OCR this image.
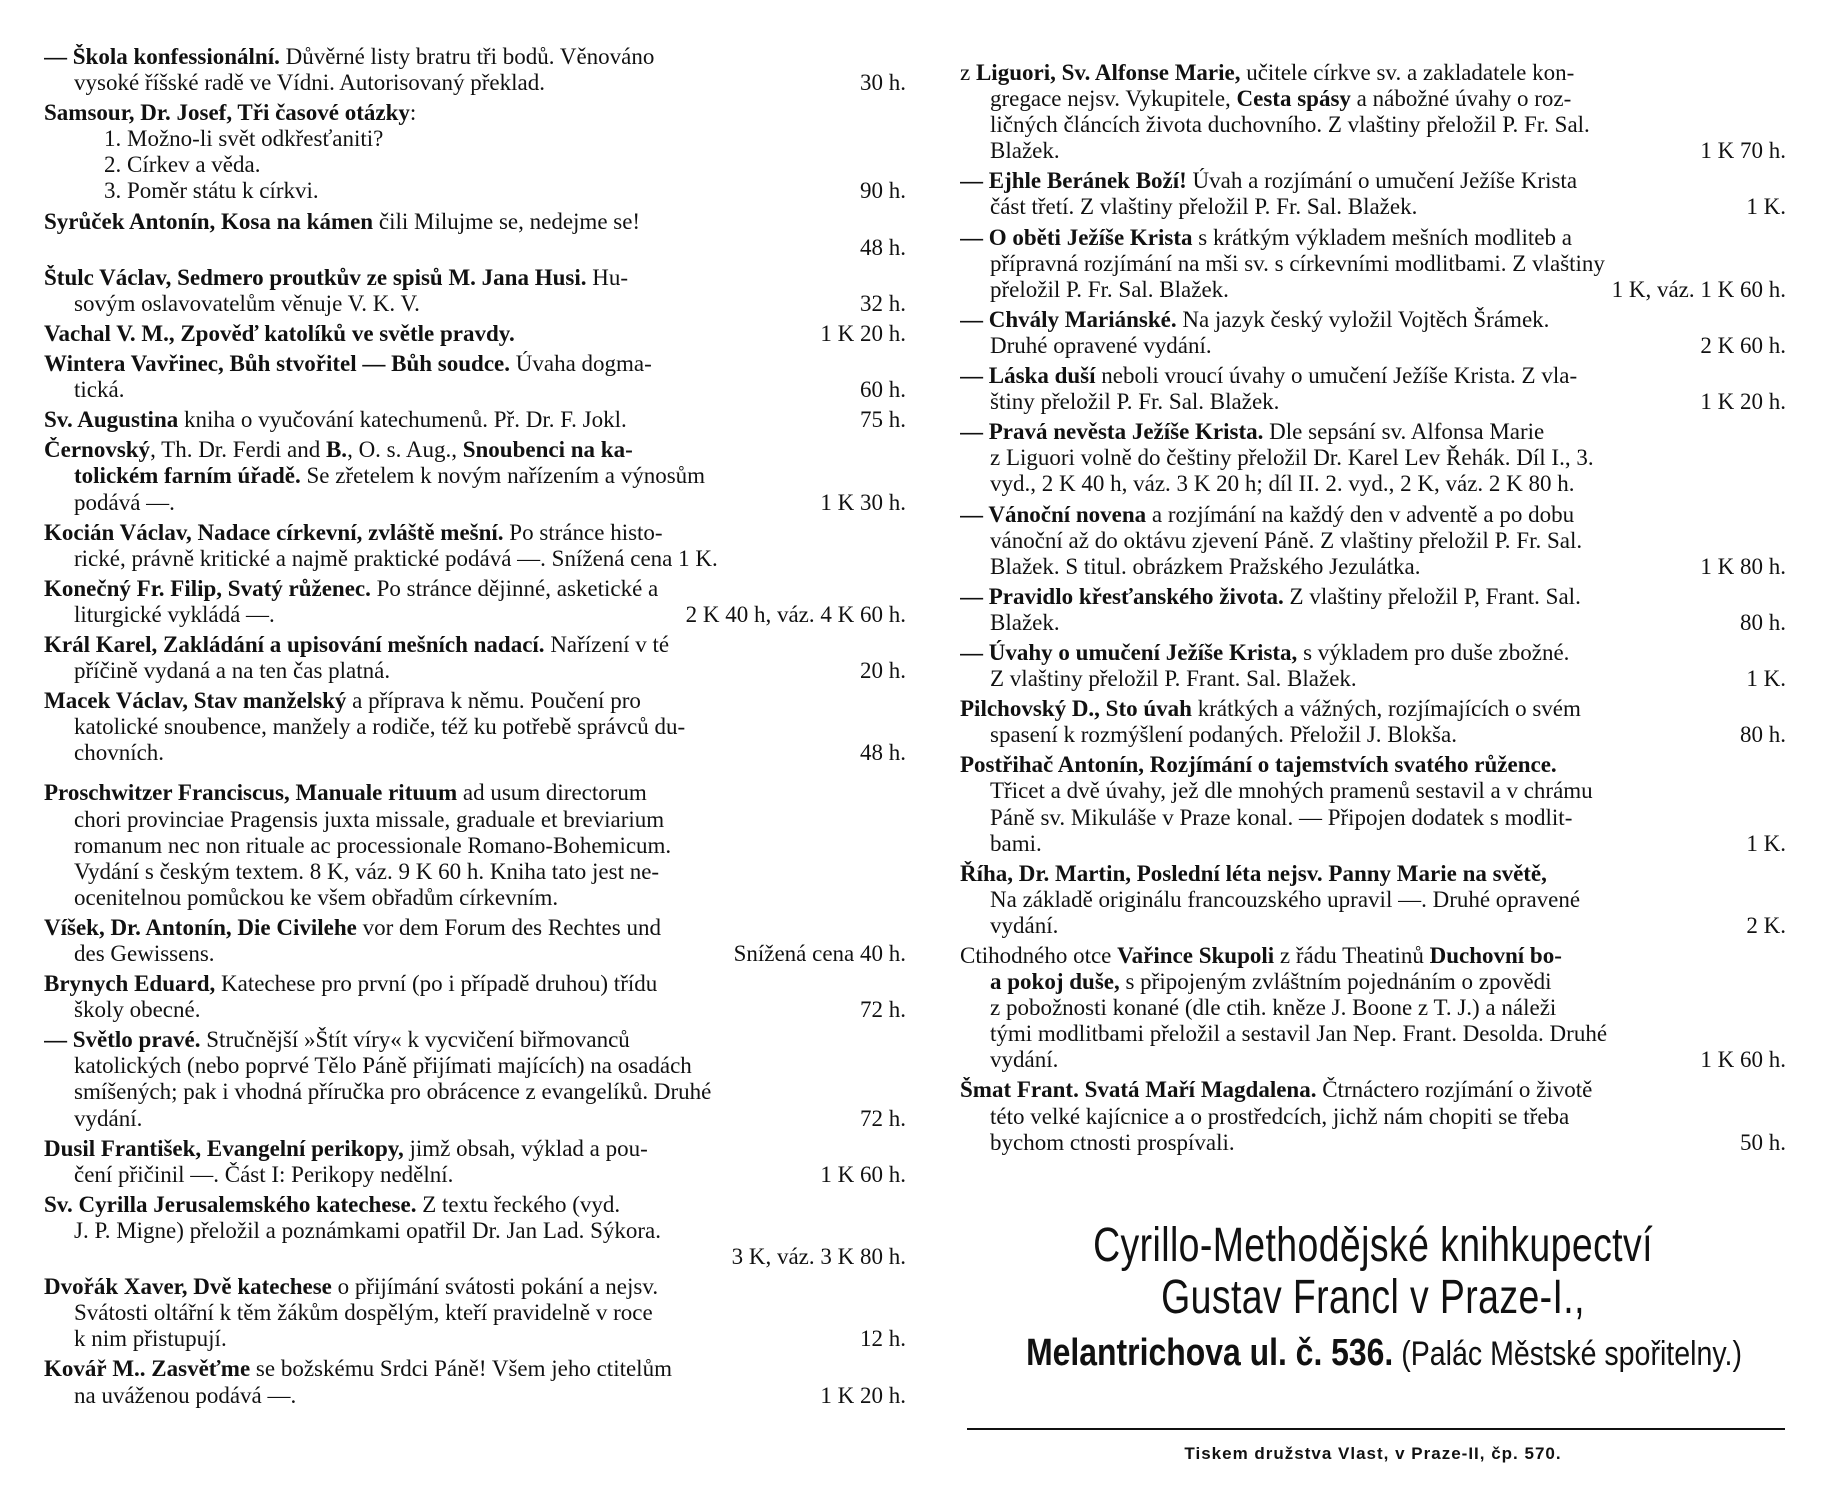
— Škola konfessionální. Důvěrné listy bratru tři bodů. Věnováno
vysoké říšské radě ve Vídni. Autorisovaný překlad.	30 h.
Samsour, Dr. Josef, Tři časové otázky:
1. Možno-li svět odkřesťaniti?
2. Církev a věda.
3. Poměr státu k církvi.	90 h.
Syrůček Antonín, Kosa na kámen čili Milujme se, nedejme se!
48 h.
Štulc Václav, Sedmero proutkův ze spisů M. Jana Husi. Hu-
sovým oslavovatelům věnuje V. K. V.	32 h.
Vachal V. M., Zpověď katolíků ve světle pravdy.	1 K 20 h.
Wintera Vavřinec, Bůh stvořitel — Bůh soudce. Úvaha dogma-
tická.	60 h.
Sv. Augustina kniha o vyučování katechumenů. Př. Dr. F. Jokl.	75 h.
Černovský, Th. Dr. Ferdi and B., O. s. Aug., Snoubenci na ka-
tolickém farním úřadě. Se zřetelem k novým nařízením a výnosům
podává —.	1 K 30 h.
Kocián Václav, Nadace církevní, zvláště mešní. Po stránce histo-
rické, právně kritické a najmě praktické podává —. Snížená cena 1 K.
Konečný Fr. Filip, Svatý růženec. Po stránce dějinné, asketické a
liturgické vykládá —.	2 K 40 h, váz. 4 K 60 h.
Král Karel, Zakládání a upisování mešních nadací. Nařízení v té
příčině vydaná a na ten čas platná.	20 h.
Macek Václav, Stav manželský a příprava k němu. Poučení pro
katolické snoubence, manžely a rodiče, též ku potřebě správců du-
chovních.	48 h.
Proschwitzer Franciscus, Manuale rituum ad usum directorum
chori provinciae Pragensis juxta missale, graduale et breviarium
romanum nec non rituale ac processionale Romano-Bohemicum.
Vydání s českým textem. 8 K, váz. 9 K 60 h. Kniha tato jest ne-
ocenitelnou pomůckou ke všem obřadům církevním.
Víšek, Dr. Antonín, Die Civilehe vor dem Forum des Rechtes und
des Gewissens.	Snížená cena 40 h.
Brynych Eduard, Katechese pro první (po i případě druhou) třídu
školy obecné.	72 h.
— Světlo pravé. Stručnější »Štít víry« k vycvičení biřmovanců
katolických (nebo poprvé Tělo Páně přijímati majících) na osadách
smíšených; pak i vhodná příručka pro obrácence z evangelíků. Druhé
vydání.	72 h.
Dusil František, Evangelní perikopy, jimž obsah, výklad a pou-
čení přičinil —. Část I: Perikopy nedělní.	1 K 60 h.
Sv. Cyrilla Jerusalemského katechese. Z textu řeckého (vyd.
J. P. Migne) přeložil a poznámkami opatřil Dr. Jan Lad. Sýkora.
3 K, váz. 3 K 80 h.
Dvořák Xaver, Dvě katechese o přijímání svátosti pokání a nejsv.
Svátosti oltářní k těm žákům dospělým, kteří pravidelně v roce
k nim přistupují.	12 h.
Kovář M.. Zasvěťme se božskému Srdci Páně! Všem jeho ctitelům
na uváženou podává —.	1 K 20 h.
z Liguori, Sv. Alfonse Marie, učitele církve sv. a zakladatele kon-
gregace nejsv. Vykupitele, Cesta spásy a nábožné úvahy o roz-
ličných článcích života duchovního. Z vlaštiny přeložil P. Fr. Sal.
Blažek.	1 K 70 h.
— Ejhle Beránek Boží! Úvah a rozjímání o umučení Ježíše Krista
část třetí. Z vlaštiny přeložil P. Fr. Sal. Blažek.	1 K.
— O oběti Ježíše Krista s krátkým výkladem mešních modliteb a
přípravná rozjímání na mši sv. s církevními modlitbami. Z vlaštiny
přeložil P. Fr. Sal. Blažek.	1 K, váz. 1 K 60 h.
— Chvály Mariánské. Na jazyk český vyložil Vojtěch Šrámek.
Druhé opravené vydání.	2 K 60 h.
— Láska duší neboli vroucí úvahy o umučení Ježíše Krista. Z vla-
štiny přeložil P. Fr. Sal. Blažek.	1 K 20 h.
— Pravá nevěsta Ježíše Krista. Dle sepsání sv. Alfonsa Marie
z Liguori volně do češtiny přeložil Dr. Karel Lev Řehák. Díl I., 3.
vyd., 2 K 40 h, váz. 3 K 20 h; díl II. 2. vyd., 2 K, váz. 2 K 80 h.
— Vánoční novena a rozjímání na každý den v adventě a po dobu
vánoční až do oktávu zjevení Páně. Z vlaštiny přeložil P. Fr. Sal.
Blažek. S titul. obrázkem Pražského Jezulátka.	1 K 80 h.
— Pravidlo křesťanského života. Z vlaštiny přeložil P, Frant. Sal.
Blažek.	80 h.
— Úvahy o umučení Ježíše Krista, s výkladem pro duše zbožné.
Z vlaštiny přeložil P. Frant. Sal. Blažek.	1 K.
Pilchovský D., Sto úvah krátkých a vážných, rozjímajících o svém
spasení k rozmýšlení podaných. Přeložil J. Blokša.	80 h.
Postřihač Antonín, Rozjímání o tajemstvích svatého růžence.
Třicet a dvě úvahy, jež dle mnohých pramenů sestavil a v chrámu
Páně sv. Mikuláše v Praze konal. — Připojen dodatek s modlit-
bami.	1 K.
Říha, Dr. Martin, Poslední léta nejsv. Panny Marie na světě,
Na základě originálu francouzského upravil —. Druhé opravené
vydání.	2 K.
Ctihodného otce Vařince Skupoli z řádu Theatinů Duchovní bo-
a pokoj duše, s připojeným zvláštním pojednáním o zpovědi
z pobožnosti konané (dle ctih. kněze J. Boone z T. J.) a náleži
tými modlitbami přeložil a sestavil Jan Nep. Frant. Desolda. Druhé
vydání.	1 K 60 h.
Šmat Frant. Svatá Maří Magdalena. Čtrnáctero rozjímání o životě
této velké kajícnice a o prostředcích, jichž nám chopiti se třeba
bychom ctnosti prospívali.	50 h.
Cyrillo-Methodějské knihkupectví
Gustav Francl v Praze-I.,
Melantrichova ul. č. 536. (Palác Městské spořitelny.)
Tiskem družstva Vlast, v Praze-II, čp. 570.
